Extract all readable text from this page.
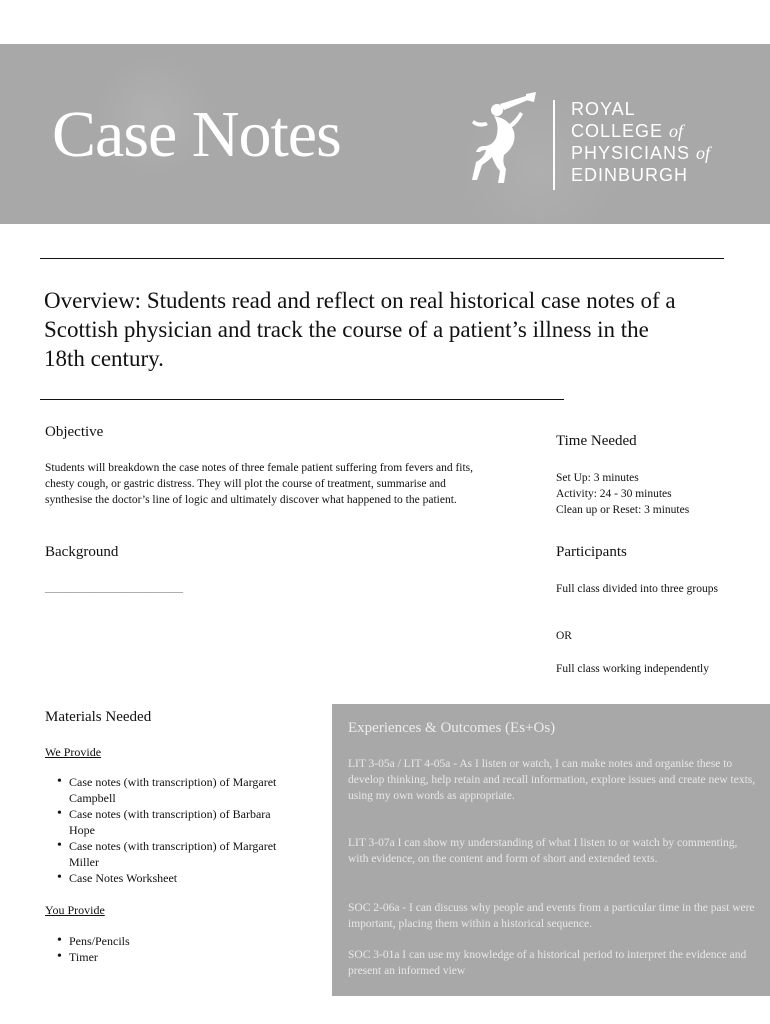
Case Notes	ROYAL
COLLEGE of
PHYSICIANS of
EDINBURGH
Overview: Students read and reflect on real historical case notes of a Scottish physician and track the course of a patient’s illness in the 18th century.
Objective
Students will breakdown the case notes of three female patient suffering from fevers and fits, chesty cough, or gastric distress. They will plot the course of treatment, summarise and synthesise the doctor’s line of logic and ultimately discover what happened to the patient.
Background
________________________
Time Needed
Set Up: 3 minutes
Activity: 24 - 30 minutes
Clean up or Reset: 3 minutes
Participants
Full class divided into three groups
OR
Full class working independently
Materials Needed
We Provide
• Case notes (with transcription) of Margaret Campbell
• Case notes (with transcription) of Barbara Hope
• Case notes (with transcription) of Margaret Miller
• Case Notes Worksheet
You Provide
• Pens/Pencils
• Timer
Experiences & Outcomes (Es+Os)
LIT 3-05a / LIT 4-05a - As I listen or watch, I can make notes and organise these to develop thinking, help retain and recall information, explore issues and create new texts, using my own words as appropriate.
LIT 3-07a I can show my understanding of what I listen to or watch by commenting, with evidence, on the content and form of short and extended texts.
SOC 2-06a - I can discuss why people and events from a particular time in the past were important, placing them within a historical sequence.
SOC 3-01a I can use my knowledge of a historical period to interpret the evidence and present an informed view
